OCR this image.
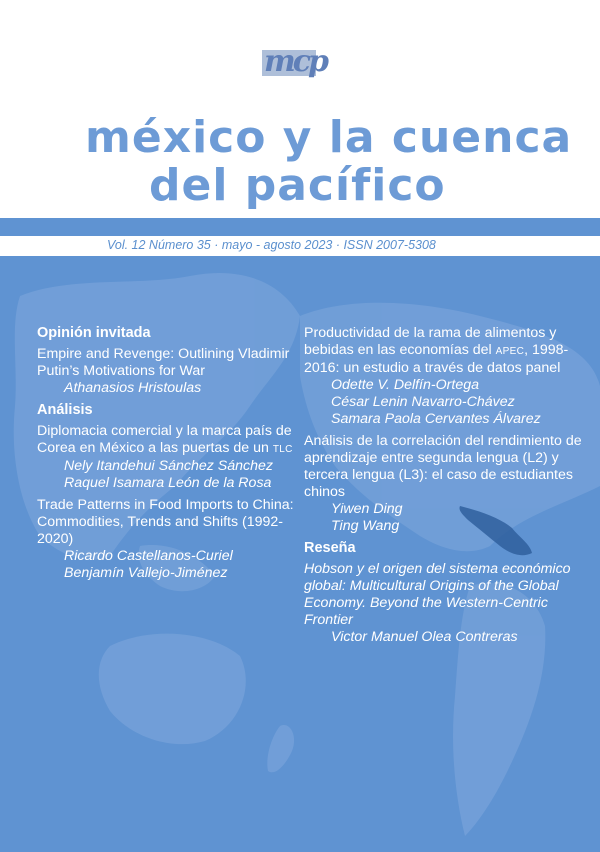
mcp
méxico y la cuenca
del pacífico
Vol. 12 Número 35 · mayo - agosto 2023 · ISSN 2007-5308
Opinión invitada
Empire and Revenge: Outlining Vladimir Putin’s Motivations for War
Athanasios Hristoulas
Análisis
Diplomacia comercial y la marca país de Corea en México a las puertas de un TLC
Nely Itandehui Sánchez Sánchez
Raquel Isamara León de la Rosa
Trade Patterns in Food Imports to China: Commodities, Trends and Shifts (1992-2020)
Ricardo Castellanos-Curiel
Benjamín Vallejo-Jiménez
Productividad de la rama de alimentos y bebidas en las economías del APEC, 1998-2016: un estudio a través de datos panel
Odette V. Delfín-Ortega
César Lenin Navarro-Chávez
Samara Paola Cervantes Álvarez
Análisis de la correlación del rendimiento de aprendizaje entre segunda lengua (L2) y tercera lengua (L3): el caso de estudiantes chinos
Yiwen Ding
Ting Wang
Reseña
Hobson y el origen del sistema económico global: Multicultural Origins of the Global Economy. Beyond the Western-Centric Frontier
Victor Manuel Olea Contreras
